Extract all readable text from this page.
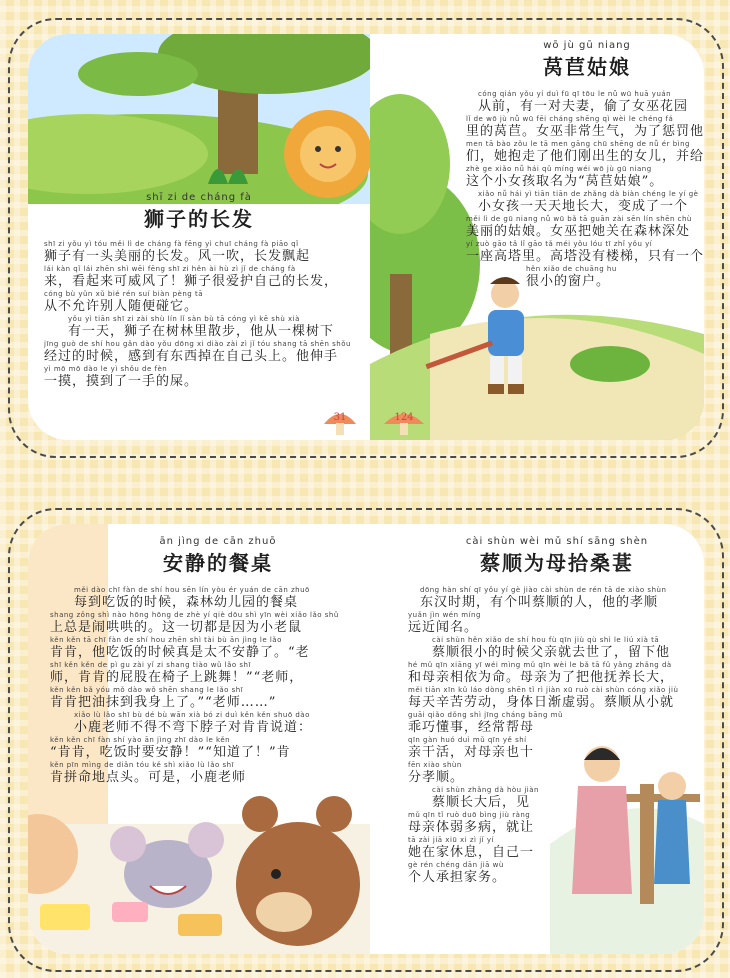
shī zi de cháng fà
狮子的长发
shī zi yǒu yì tóu měi lì de cháng fà fēng yì chuī cháng fà piāo qǐ
狮子有一头美丽的长发。风一吹，长发飘起
lái kàn qǐ lái zhēn shì wēi fēng shī zi hěn ài hù zì jǐ de cháng fà
来，看起来可威风了！狮子很爱护自己的长发，
cóng bù yǔn xǔ bié rén suí biàn pèng tā
从不允许别人随便碰它。
yǒu yì tiān shī zi zài shù lín lǐ sàn bù tā cóng yì kē shù xià
有一天，狮子在树林里散步，他从一棵树下
jīng guò de shí hou gǎn dào yǒu dōng xi diào zài zì jǐ tóu shang tā shēn shǒu
经过的时候，感到有东西掉在自己头上。他伸手
yì mō mō dào le yì shǒu de fèn
一摸，摸到了一手的屎。
31
wō jù gū niang
莴苣姑娘
cóng qián yǒu yí duì fū qī tōu le nǚ wū huā yuán
从前，有一对夫妻，偷了女巫花园
lǐ de wō jù nǚ wū fēi cháng shēng qì wèi le chéng fá
里的莴苣。女巫非常生气，为了惩罚他
men tā bào zǒu le tā men gāng chū shēng de nǚ ér bìng
们，她抱走了他们刚出生的女儿，并给
zhè ge xiǎo nǚ hái qǔ míng wéi wō jù gū niang
这个小女孩取名为“莴苣姑娘”。
xiǎo nǚ hái yì tiān tiān de zhǎng dà biàn chéng le yí gè
小女孩一天天地长大，变成了一个
měi lì de gū niang nǚ wū bǎ tā guān zài sēn lín shēn chù
美丽的姑娘。女巫把她关在森林深处
yí zuò gāo tǎ lǐ gāo tǎ méi yǒu lóu tī zhǐ yǒu yí
一座高塔里。高塔没有楼梯，只有一个
hěn xiǎo de chuāng hu
很小的窗户。
124
ān jìng de cān zhuō
安静的餐桌
měi dào chī fàn de shí hou sēn lín yòu ér yuán de cān zhuō
每到吃饭的时候，森林幼儿园的餐桌
shang zǒng shì nào hōng hōng de zhè yí qiè dōu shì yīn wèi xiǎo lǎo shǔ
上总是闹哄哄的。这一切都是因为小老鼠
kěn kěn tā chī fàn de shí hou zhēn shì tài bù ān jìng le lǎo
肯肯，他吃饭的时候真是太不安静了。“老
shī kěn kěn de pì gu zài yǐ zi shang tiào wǔ lǎo shī
师，肯肯的屁股在椅子上跳舞！”“老师，
kěn kěn bǎ yóu mǒ dào wǒ shēn shang le lǎo shī
肯肯把油抹到我身上了。”“老师……”
xiǎo lù lǎo shī bù dé bù wān xià bó zi duì kěn kěn shuō dào
小鹿老师不得不弯下脖子对肯肯说道：
kěn kěn chī fàn shí yào ān jìng zhī dào le kěn
“肯肯，吃饭时要安静！”“知道了！”肯
kěn pīn mìng de diǎn tóu kě shì xiǎo lù lǎo shī
肯拼命地点头。可是，小鹿老师
cài shùn wèi mǔ shí sāng shèn
蔡顺为母拾桑葚
dōng hàn shí qī yǒu yí gè jiào cài shùn de rén tā de xiào shùn
东汉时期，有个叫蔡顺的人，他的孝顺
yuǎn jìn wén míng
远近闻名。
cài shùn hěn xiǎo de shí hou fù qīn jiù qù shì le liú xià tā
蔡顺很小的时候父亲就去世了，留下他
hé mǔ qīn xiāng yī wéi mìng mǔ qīn wèi le bǎ tā fǔ yǎng zhǎng dà
和母亲相依为命。母亲为了把他抚养长大，
měi tiān xīn kǔ láo dòng shēn tǐ rì jiàn xū ruò cài shùn cóng xiǎo jiù
每天辛苦劳动，身体日渐虚弱。蔡顺从小就
guāi qiǎo dǒng shì jīng cháng bāng mǔ
乖巧懂事，经常帮母
qīn gàn huó duì mǔ qīn yě shí
亲干活，对母亲也十
fēn xiào shùn
分孝顺。
cài shùn zhǎng dà hòu jiàn
蔡顺长大后，见
mǔ qīn tǐ ruò duō bìng jiù ràng
母亲体弱多病，就让
tā zài jiā xiū xi zì jǐ yí
她在家休息，自己一
gè rén chéng dān jiā wù
个人承担家务。
